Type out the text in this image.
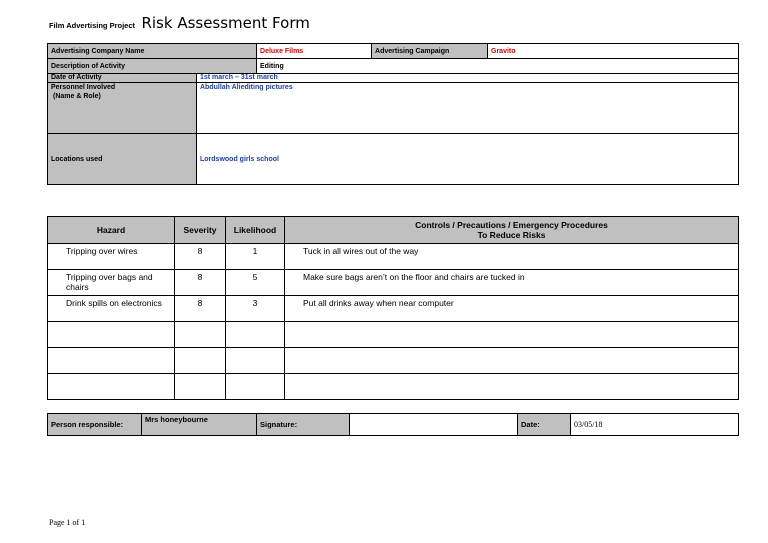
Film Advertising Project Risk Assessment Form
Advertising Company Name		Deluxe Films	Advertising Campaign	Gravito
Description of Activity		Editing		
Date of Activity	1st march – 31st march			

Personnel Involved
(Name & Role)	Abdullah Aliediting pictures			
Locations used	Lordswood girls school			
Hazard	Severity	Likelihood	Controls / Precautions / Emergency Procedures
To Reduce Risks

Tripping over wires	8	1	Tuck in all wires out of the way
Tripping over bags and chairs	8	5	Make sure bags aren’t on the floor and chairs are tucked in
Drink spills on electronics	8	3	Put all drinks away when near computer

Person responsible:	Mrs honeybourne	Signature:		Date:	03/05/18
Page 1 of 1
